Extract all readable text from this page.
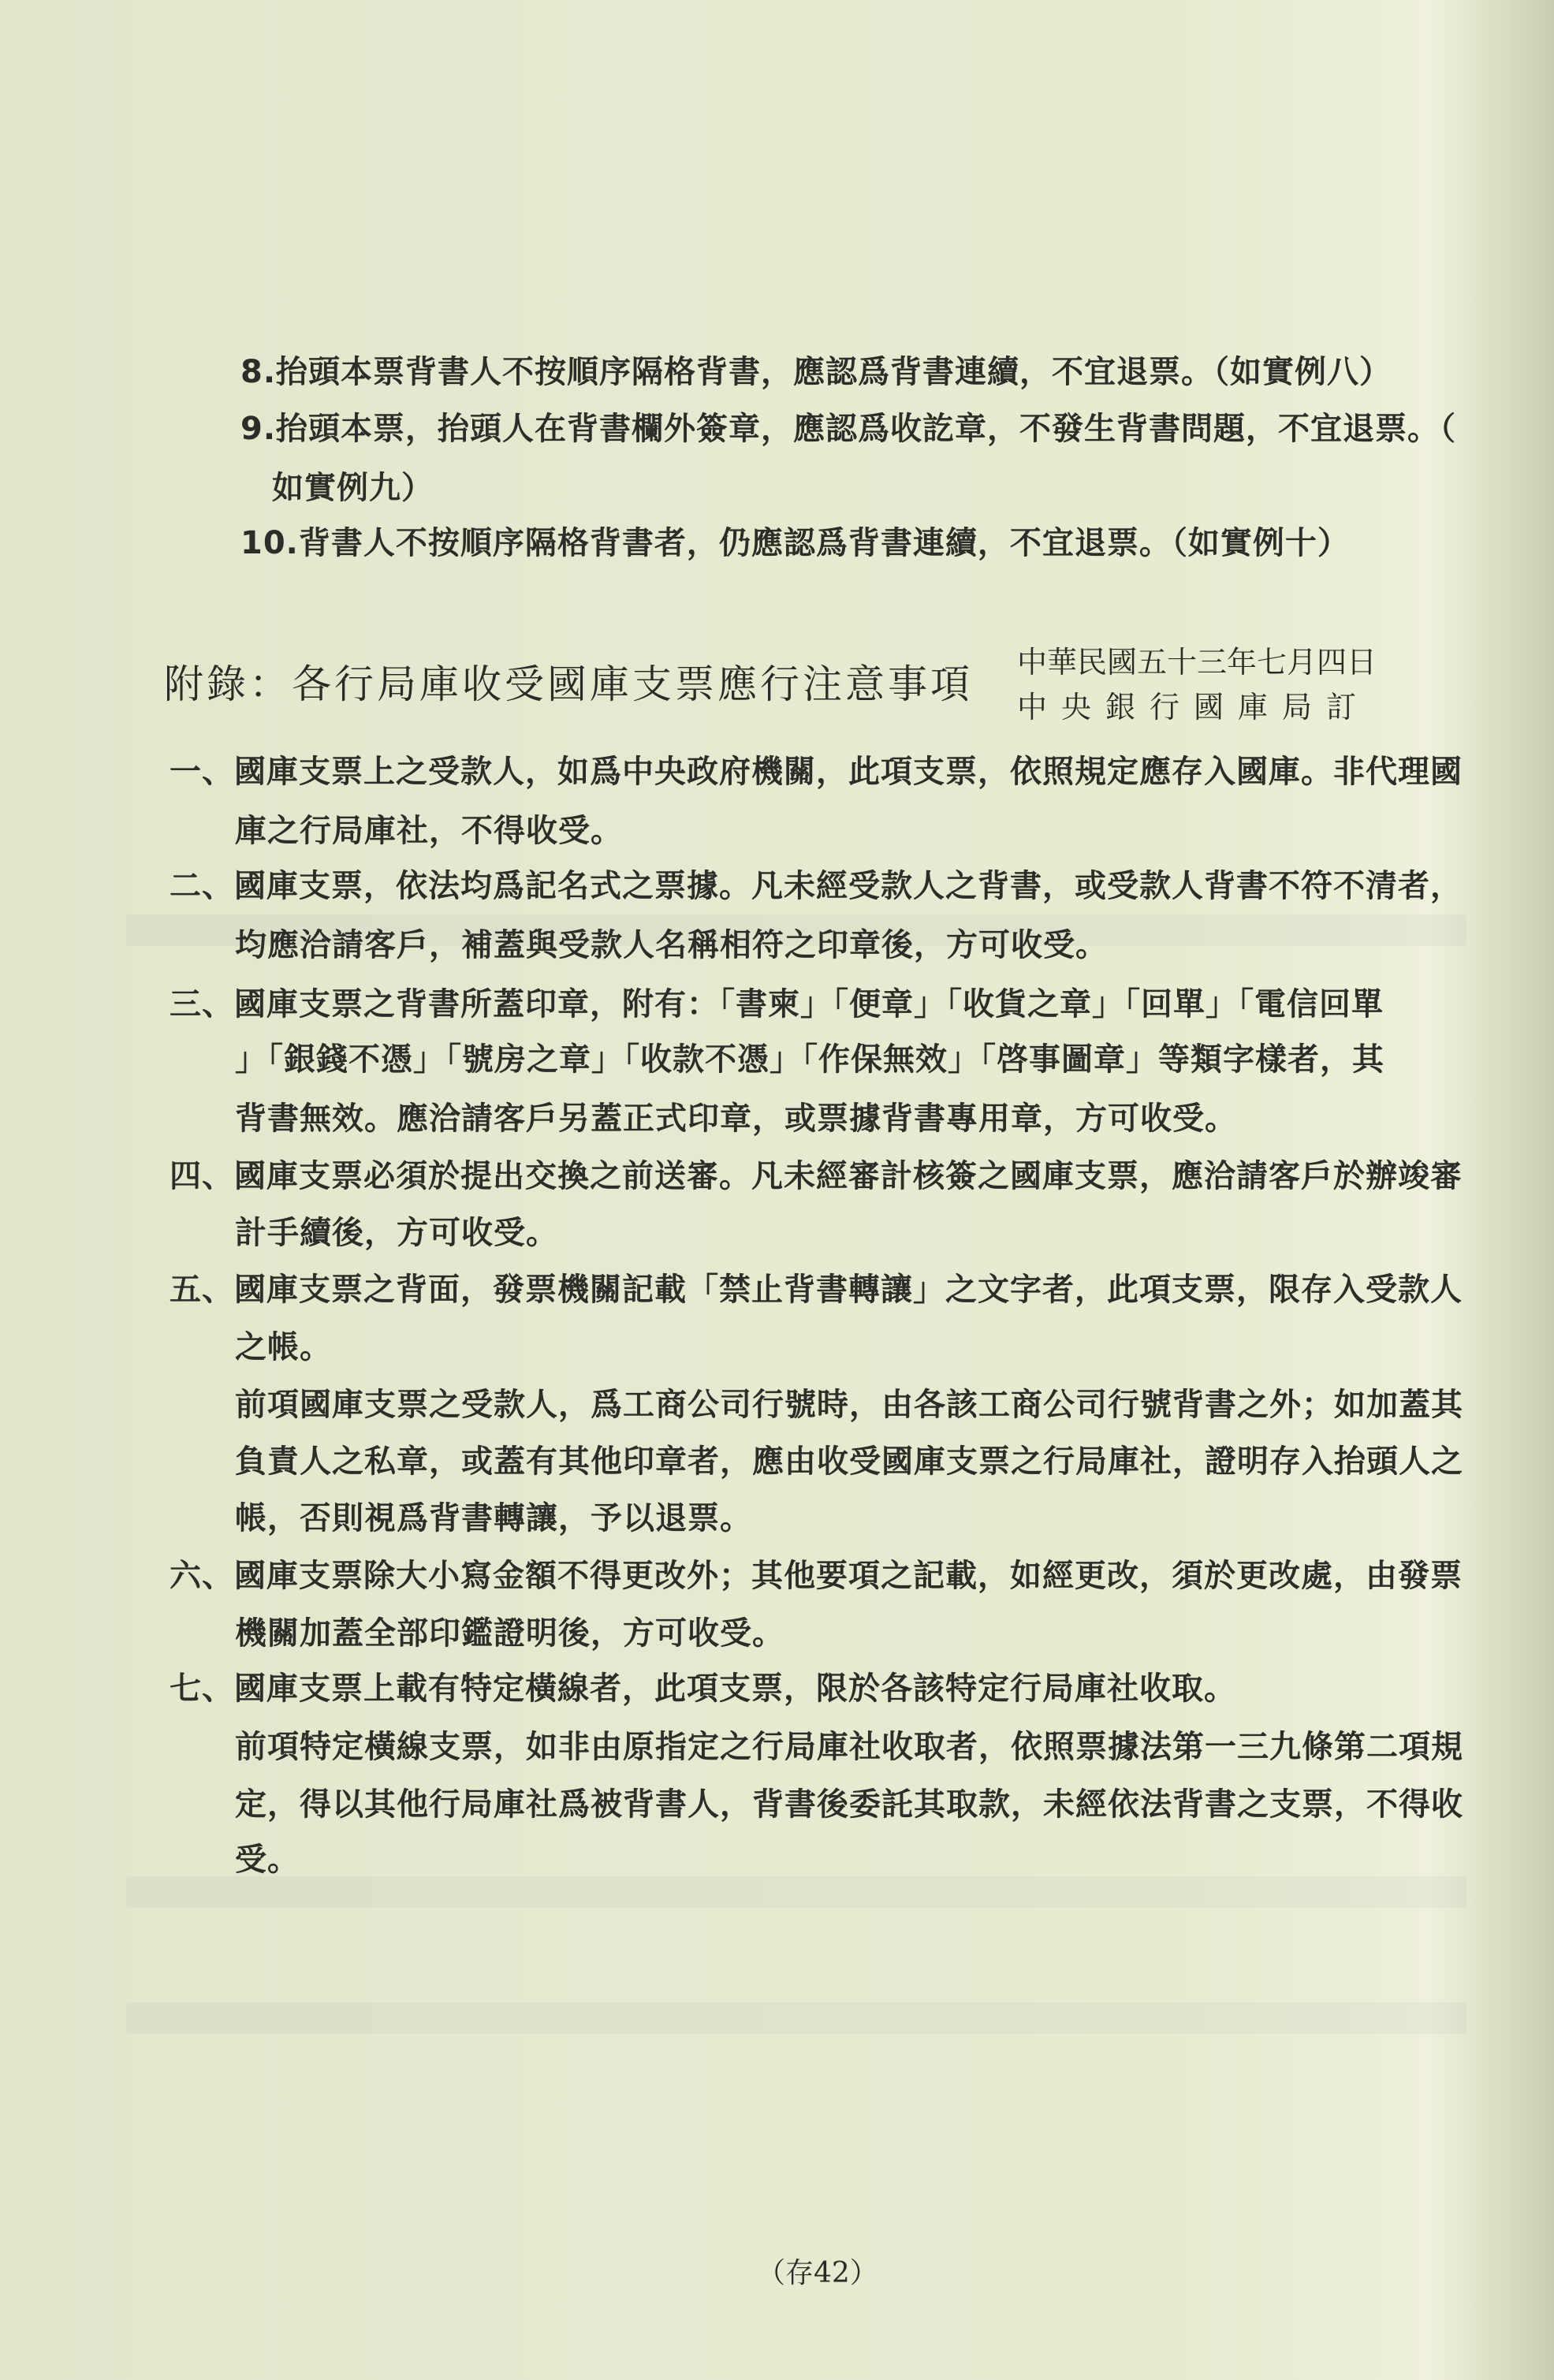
8.抬頭本票背書人不按順序隔格背書，應認爲背書連續，不宜退票。（如實例八）
9.抬頭本票，抬頭人在背書欄外簽章，應認爲收訖章，不發生背書問題，不宜退票。（
如實例九）
10.背書人不按順序隔格背書者，仍應認爲背書連續，不宜退票。（如實例十）
附錄：各行局庫收受國庫支票應行注意事項 中華民國五十三年七月四日
中央銀行國庫局訂
一、國庫支票上之受款人，如爲中央政府機關，此項支票，依照規定應存入國庫。非代理國
庫之行局庫社，不得收受。
二、國庫支票，依法均爲記名式之票據。凡未經受款人之背書，或受款人背書不符不清者，
均應洽請客戶，補蓋與受款人名稱相符之印章後，方可收受。
三、國庫支票之背書所蓋印章，附有：「書柬」「便章」「收貨之章」「回單」「電信回單
」「銀錢不憑」「號房之章」「收款不憑」「作保無效」「啓事圖章」等類字樣者，其
背書無效。應洽請客戶另蓋正式印章，或票據背書專用章，方可收受。
四、國庫支票必須於提出交換之前送審。凡未經審計核簽之國庫支票，應洽請客戶於辦竣審
計手續後，方可收受。
五、國庫支票之背面，發票機關記載「禁止背書轉讓」之文字者，此項支票，限存入受款人
之帳。
前項國庫支票之受款人，爲工商公司行號時，由各該工商公司行號背書之外；如加蓋其
負責人之私章，或蓋有其他印章者，應由收受國庫支票之行局庫社，證明存入抬頭人之
帳，否則視爲背書轉讓，予以退票。
六、國庫支票除大小寫金額不得更改外；其他要項之記載，如經更改，須於更改處，由發票
機關加蓋全部印鑑證明後，方可收受。
七、國庫支票上載有特定橫線者，此項支票，限於各該特定行局庫社收取。
前項特定橫線支票，如非由原指定之行局庫社收取者，依照票據法第一三九條第二項規
定，得以其他行局庫社爲被背書人，背書後委託其取款，未經依法背書之支票，不得收
受。
（存42）
